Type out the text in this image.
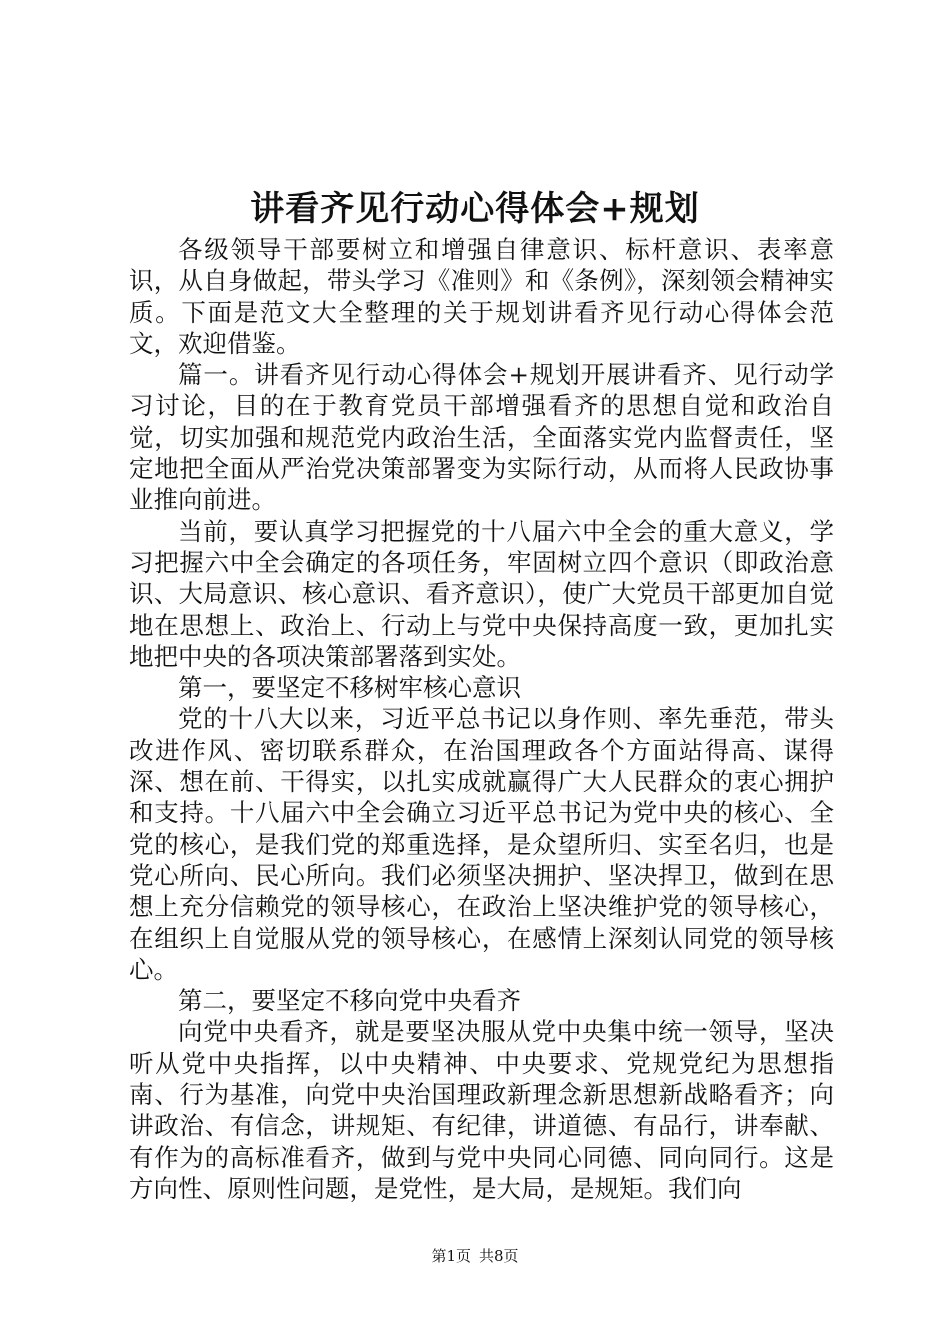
讲看齐见行动心得体会+规划

各级领导干部要树立和增强自律意识、标杆意识、表率意识，从自身做起，带头学习《准则》和《条例》，深刻领会精神实质。下面是范文大全整理的关于规划讲看齐见行动心得体会范文，欢迎借鉴。

篇一。讲看齐见行动心得体会+规划开展讲看齐、见行动学习讨论，目的在于教育党员干部增强看齐的思想自觉和政治自觉，切实加强和规范党内政治生活，全面落实党内监督责任，坚定地把全面从严治党决策部署变为实际行动，从而将人民政协事业推向前进。

当前，要认真学习把握党的十八届六中全会的重大意义，学习把握六中全会确定的各项任务，牢固树立四个意识（即政治意识、大局意识、核心意识、看齐意识），使广大党员干部更加自觉地在思想上、政治上、行动上与党中央保持高度一致，更加扎实地把中央的各项决策部署落到实处。

第一，要坚定不移树牢核心意识

党的十八大以来，习近平总书记以身作则、率先垂范，带头改进作风、密切联系群众，在治国理政各个方面站得高、谋得深、想在前、干得实，以扎实成就赢得广大人民群众的衷心拥护和支持。十八届六中全会确立习近平总书记为党中央的核心、全党的核心，是我们党的郑重选择，是众望所归、实至名归，也是党心所向、民心所向。我们必须坚决拥护、坚决捍卫，做到在思想上充分信赖党的领导核心，在政治上坚决维护党的领导核心，在组织上自觉服从党的领导核心，在感情上深刻认同党的领导核心。

第二，要坚定不移向党中央看齐

向党中央看齐，就是要坚决服从党中央集中统一领导，坚决听从党中央指挥，以中央精神、中央要求、党规党纪为思想指南、行为基准，向党中央治国理政新理念新思想新战略看齐；向讲政治、有信念，讲规矩、有纪律，讲道德、有品行，讲奉献、有作为的高标准看齐，做到与党中央同心同德、同向同行。这是方向性、原则性问题，是党性，是大局，是规矩。我们向

第1页 共8页
